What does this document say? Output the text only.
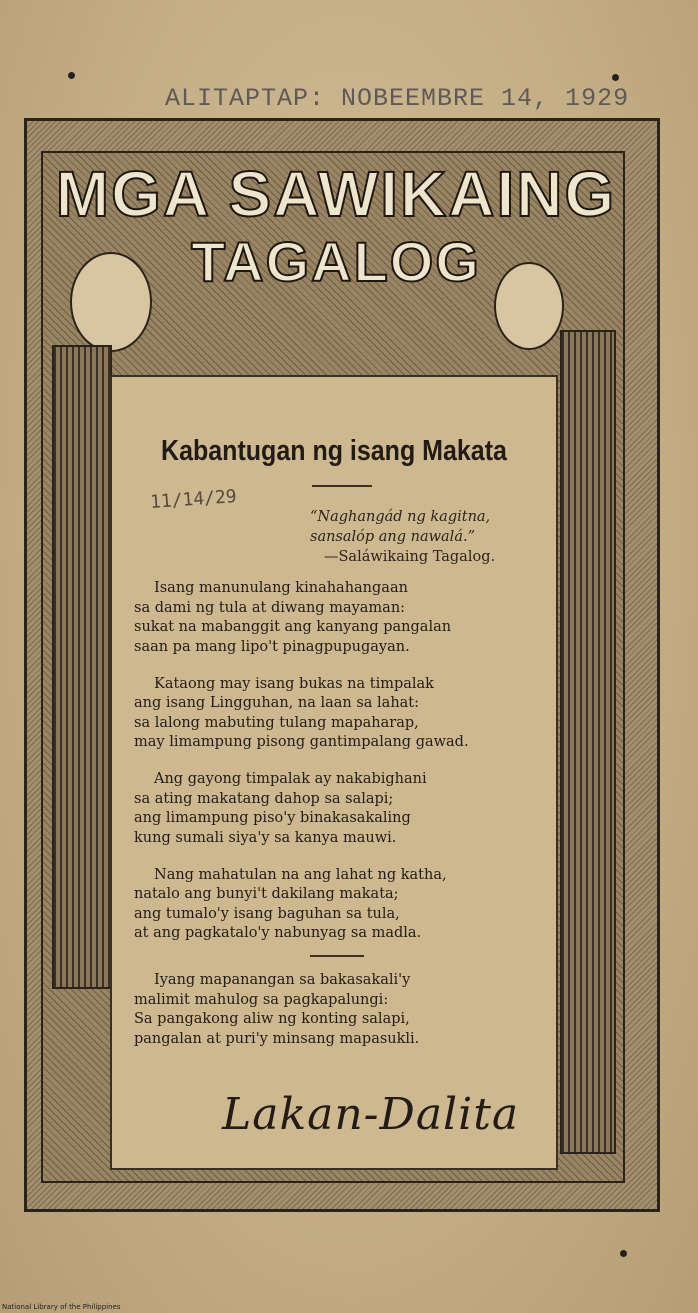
ALITAPTAP: NOBEEMBRE 14, 1929
MGA SAWIKAING
TAGALOG
Kabantugan ng isang Makata
11/14/29
“Naghangád ng kagitna,
sansalóp ang nawalá.”
—Saláwikaing Tagalog.
Isang manunulang kinahahangaan
sa dami ng tula at diwang mayaman:
sukat na mabanggit ang kanyang pangalan
saan pa mang lipo't pinagpupugayan.
Kataong may isang bukas na timpalak
ang isang Lingguhan, na laan sa lahat:
sa lalong mabuting tulang mapaharap,
may limampung pisong gantimpalang gawad.
Ang gayong timpalak ay nakabighani
sa ating makatang dahop sa salapi;
ang limampung piso'y binakasakaling
kung sumali siya'y sa kanya mauwi.
Nang mahatulan na ang lahat ng katha,
natalo ang bunyi't dakilang makata;
ang tumalo'y isang baguhan sa tula,
at ang pagkatalo'y nabunyag sa madla.
Iyang mapanangan sa bakasakali'y
malimit mahulog sa pagkapalungi:
Sa pangakong aliw ng konting salapi,
pangalan at puri'y minsang mapasukli.
Lakan-Dalita
National Library of the Philippines
